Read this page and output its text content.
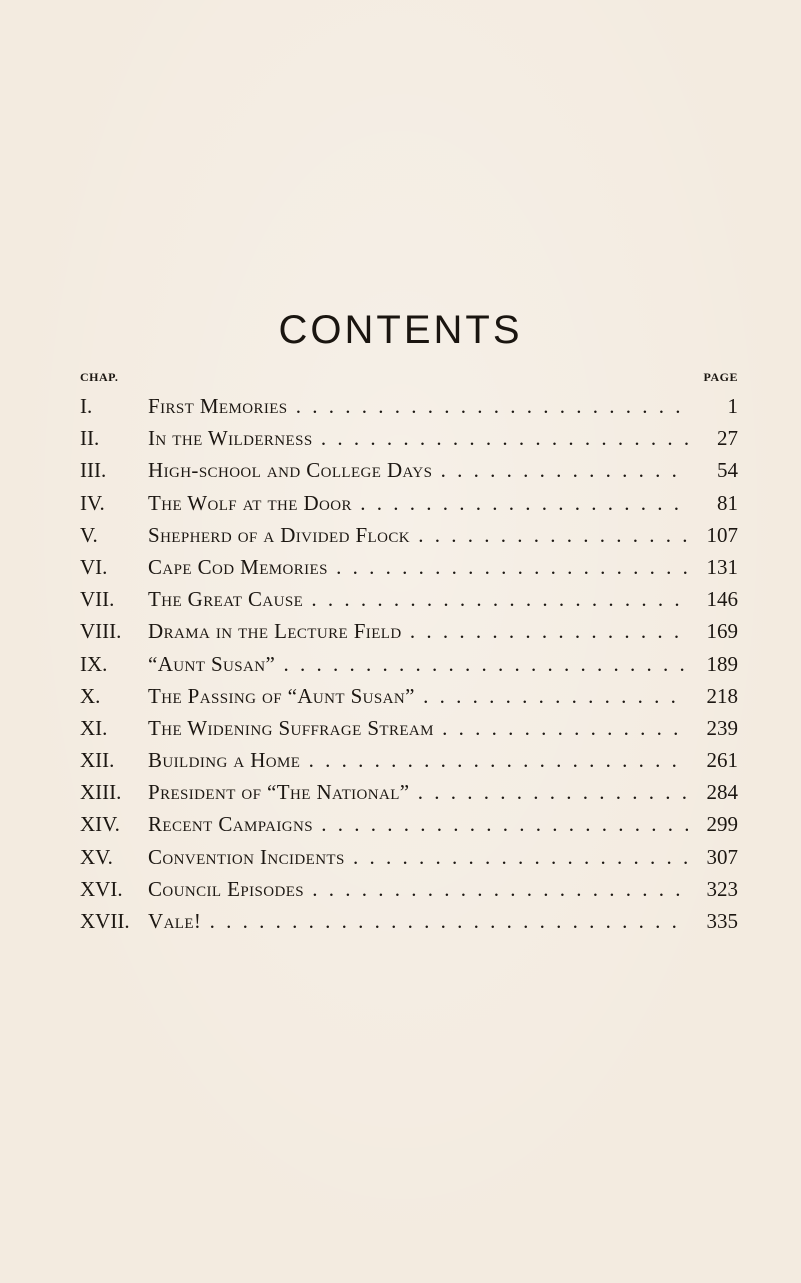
CONTENTS
CHAP.	PAGE
I.	First Memories . . .	1
II. In the Wilderness . . .	27
III. High-school and College Days . . .	54
IV. The Wolf at the Door . . .	81
V. Shepherd of a Divided Flock . . .	107
VI. Cape Cod Memories . . .	131
VII. The Great Cause . . .	146
VIII. Drama in the Lecture Field . . .	169
IX. “Aunt Susan” . . .	189
X. The Passing of “Aunt Susan” . . .	218
XI. The Widening Suffrage Stream . . .	239
XII. Building a Home . . .	261
XIII. President of “The National” . . .	284
XIV. Recent Campaigns . . .	299
XV. Convention Incidents . . .	307
XVI. Council Episodes . . .	323
XVII. Vale! . . .	335
